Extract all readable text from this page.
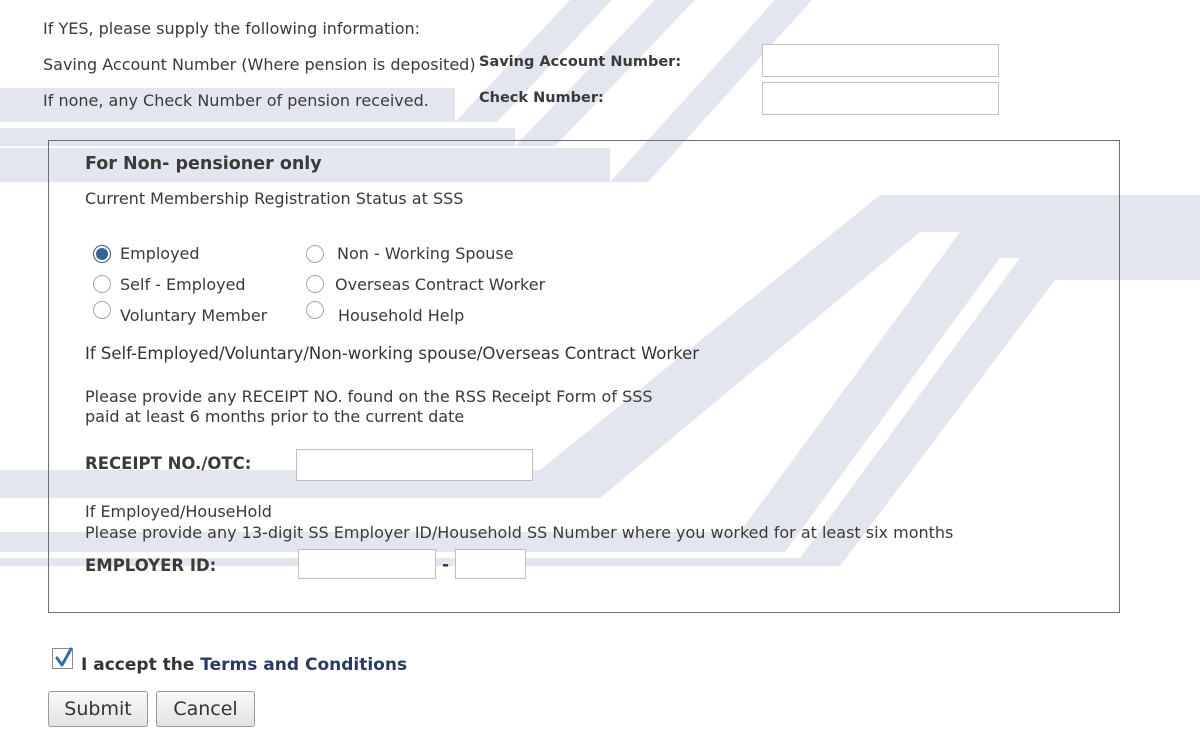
If YES, please supply the following information:
Saving Account Number (Where pension is deposited)
If none, any Check Number of pension received.
Saving Account Number:
Check Number:
For Non- pensioner only
Current Membership Registration Status at SSS
Employed
Self - Employed
Voluntary Member
Non - Working Spouse
Overseas Contract Worker
Household Help
If Self-Employed/Voluntary/Non-working spouse/Overseas Contract Worker
Please provide any RECEIPT NO. found on the RSS Receipt Form of SSS
paid at least 6 months prior to the current date
RECEIPT NO./OTC:
If Employed/HouseHold
Please provide any 13-digit SS Employer ID/Household SS Number where you worked for at least six months
EMPLOYER ID:	-
I accept the Terms and Conditions
Submit	Cancel
